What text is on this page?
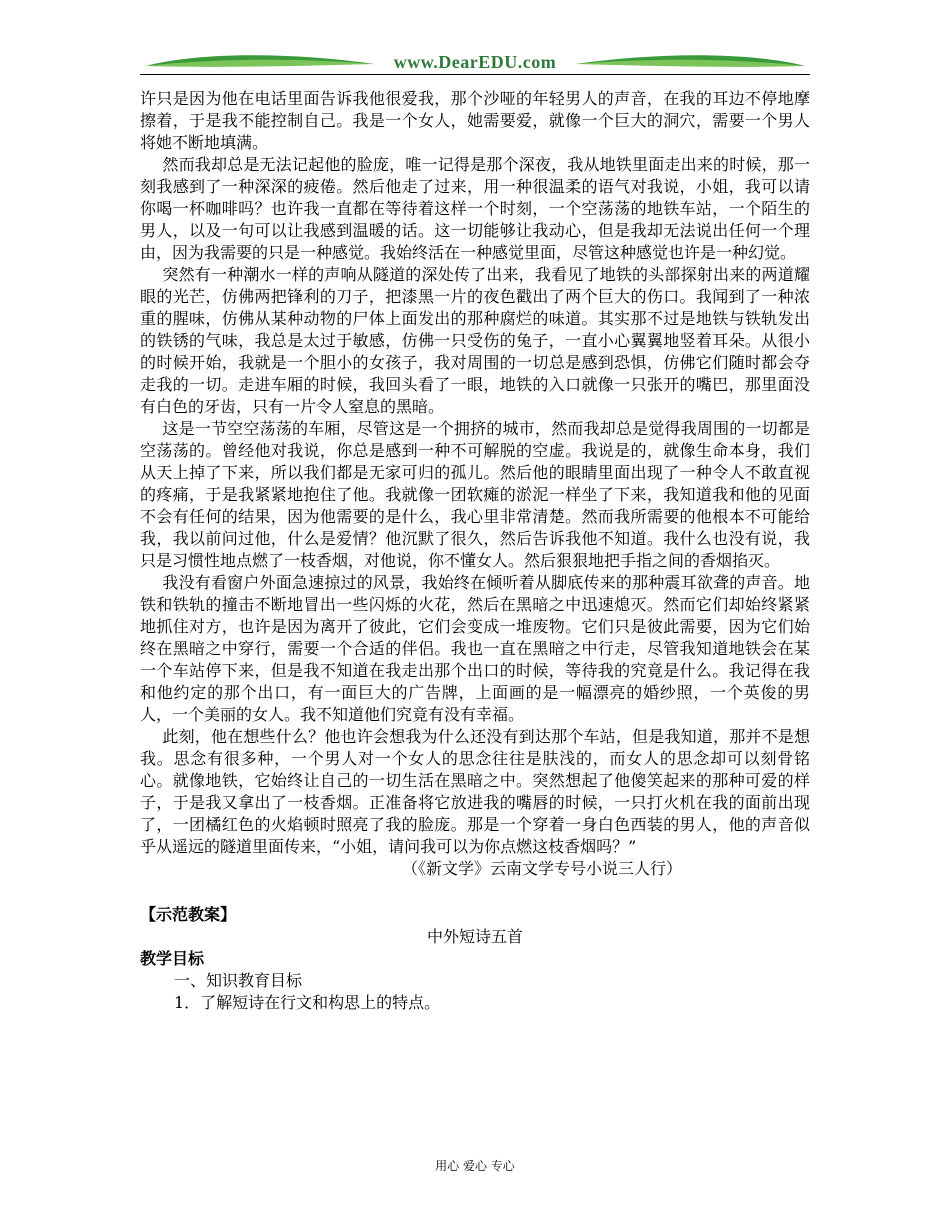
www.DearEDU.com

许只是因为他在电话里面告诉我他很爱我，那个沙哑的年轻男人的声音，在我的耳边不停地摩擦着，于是我不能控制自己。我是一个女人，她需要爱，就像一个巨大的洞穴，需要一个男人将她不断地填满。

然而我却总是无法记起他的脸庞，唯一记得是那个深夜，我从地铁里面走出来的时候，那一刻我感到了一种深深的疲倦。然后他走了过来，用一种很温柔的语气对我说，小姐，我可以请你喝一杯咖啡吗？也许我一直都在等待着这样一个时刻，一个空荡荡的地铁车站，一个陌生的男人，以及一句可以让我感到温暖的话。这一切能够让我动心，但是我却无法说出任何一个理由，因为我需要的只是一种感觉。我始终活在一种感觉里面，尽管这种感觉也许是一种幻觉。

突然有一种潮水一样的声响从隧道的深处传了出来，我看见了地铁的头部探射出来的两道耀眼的光芒，仿佛两把锋利的刀子，把漆黑一片的夜色戳出了两个巨大的伤口。我闻到了一种浓重的腥味，仿佛从某种动物的尸体上面发出的那种腐烂的味道。其实那不过是地铁与铁轨发出的铁锈的气味，我总是太过于敏感，仿佛一只受伤的兔子，一直小心翼翼地竖着耳朵。从很小的时候开始，我就是一个胆小的女孩子，我对周围的一切总是感到恐惧，仿佛它们随时都会夺走我的一切。走进车厢的时候，我回头看了一眼，地铁的入口就像一只张开的嘴巴，那里面没有白色的牙齿，只有一片令人窒息的黑暗。

这是一节空空荡荡的车厢，尽管这是一个拥挤的城市，然而我却总是觉得我周围的一切都是空荡荡的。曾经他对我说，你总是感到一种不可解脱的空虚。我说是的，就像生命本身，我们从天上掉了下来，所以我们都是无家可归的孤儿。然后他的眼睛里面出现了一种令人不敢直视的疼痛，于是我紧紧地抱住了他。我就像一团软瘫的淤泥一样坐了下来，我知道我和他的见面不会有任何的结果，因为他需要的是什么，我心里非常清楚。然而我所需要的他根本不可能给我，我以前问过他，什么是爱情？他沉默了很久，然后告诉我他不知道。我什么也没有说，我只是习惯性地点燃了一枝香烟，对他说，你不懂女人。然后狠狠地把手指之间的香烟掐灭。

我没有看窗户外面急速掠过的风景，我始终在倾听着从脚底传来的那种震耳欲聋的声音。地铁和铁轨的撞击不断地冒出一些闪烁的火花，然后在黑暗之中迅速熄灭。然而它们却始终紧紧地抓住对方，也许是因为离开了彼此，它们会变成一堆废物。它们只是彼此需要，因为它们始终在黑暗之中穿行，需要一个合适的伴侣。我也一直在黑暗之中行走，尽管我知道地铁会在某一个车站停下来，但是我不知道在我走出那个出口的时候，等待我的究竟是什么。我记得在我和他约定的那个出口，有一面巨大的广告牌，上面画的是一幅漂亮的婚纱照，一个英俊的男人，一个美丽的女人。我不知道他们究竟有没有幸福。

此刻，他在想些什么？他也许会想我为什么还没有到达那个车站，但是我知道，那并不是想我。思念有很多种，一个男人对一个女人的思念往往是肤浅的，而女人的思念却可以刻骨铭心。就像地铁，它始终让自己的一切生活在黑暗之中。突然想起了他傻笑起来的那种可爱的样子，于是我又拿出了一枝香烟。正准备将它放进我的嘴唇的时候，一只打火机在我的面前出现了，一团橘红色的火焰顿时照亮了我的脸庞。那是一个穿着一身白色西装的男人，他的声音似乎从遥远的隧道里面传来，“小姐，请问我可以为你点燃这枝香烟吗？”

（《新文学》云南文学专号小说三人行）

【示范教案】

中外短诗五首

教学目标

一、知识教育目标

1．了解短诗在行文和构思上的特点。

用心 爱心 专心
